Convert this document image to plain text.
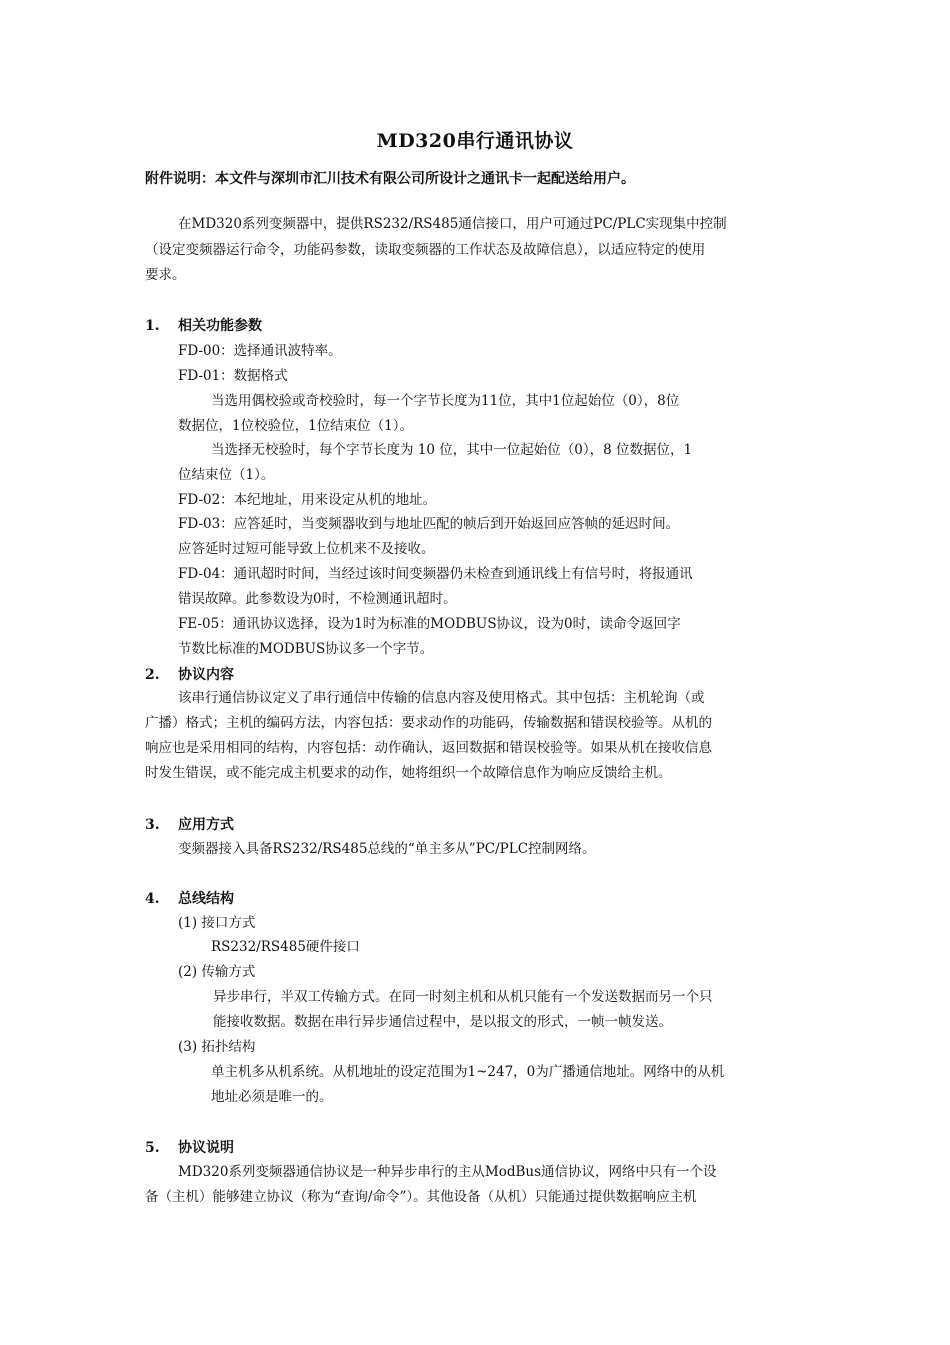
MD320串行通讯协议
附件说明：本文件与深圳市汇川技术有限公司所设计之通讯卡一起配送给用户。
在MD320系列变频器中，提供RS232/RS485通信接口，用户可通过PC/PLC实现集中控制
（设定变频器运行命令，功能码参数，读取变频器的工作状态及故障信息），以适应特定的使用
要求。
1. 相关功能参数
FD-00：选择通讯波特率。
FD-01：数据格式
当选用偶校验或奇校验时，每一个字节长度为11位，其中1位起始位（0），8位
数据位，1位校验位，1位结束位（1）。
当选择无校验时，每个字节长度为 10 位，其中一位起始位（0），8 位数据位，1
位结束位（1）。
FD-02：本纪地址，用来设定从机的地址。
FD-03：应答延时，当变频器收到与地址匹配的帧后到开始返回应答帧的延迟时间。
应答延时过短可能导致上位机来不及接收。
FD-04：通讯超时时间，当经过该时间变频器仍未检查到通讯线上有信号时，将报通讯
错误故障。此参数设为0时，不检测通讯超时。
FE-05：通讯协议选择，设为1时为标准的MODBUS协议，设为0时，读命令返回字
节数比标准的MODBUS协议多一个字节。
2. 协议内容
该串行通信协议定义了串行通信中传输的信息内容及使用格式。其中包括：主机轮询（或
广播）格式；主机的编码方法，内容包括：要求动作的功能码，传输数据和错误校验等。从机的
响应也是采用相同的结构，内容包括：动作确认，返回数据和错误校验等。如果从机在接收信息
时发生错误，或不能完成主机要求的动作，她将组织一个故障信息作为响应反馈给主机。
3. 应用方式
变频器接入具备RS232/RS485总线的“单主多从”PC/PLC控制网络。
4. 总线结构
(1) 接口方式
RS232/RS485硬件接口
(2) 传输方式
异步串行，半双工传输方式。在同一时刻主机和从机只能有一个发送数据而另一个只
能接收数据。数据在串行异步通信过程中，是以报文的形式，一帧一帧发送。
(3) 拓扑结构
单主机多从机系统。从机地址的设定范围为1~247，0为广播通信地址。网络中的从机
地址必须是唯一的。
5. 协议说明
MD320系列变频器通信协议是一种异步串行的主从ModBus通信协议，网络中只有一个设
备（主机）能够建立协议（称为“查询/命令”）。其他设备（从机）只能通过提供数据响应主机
